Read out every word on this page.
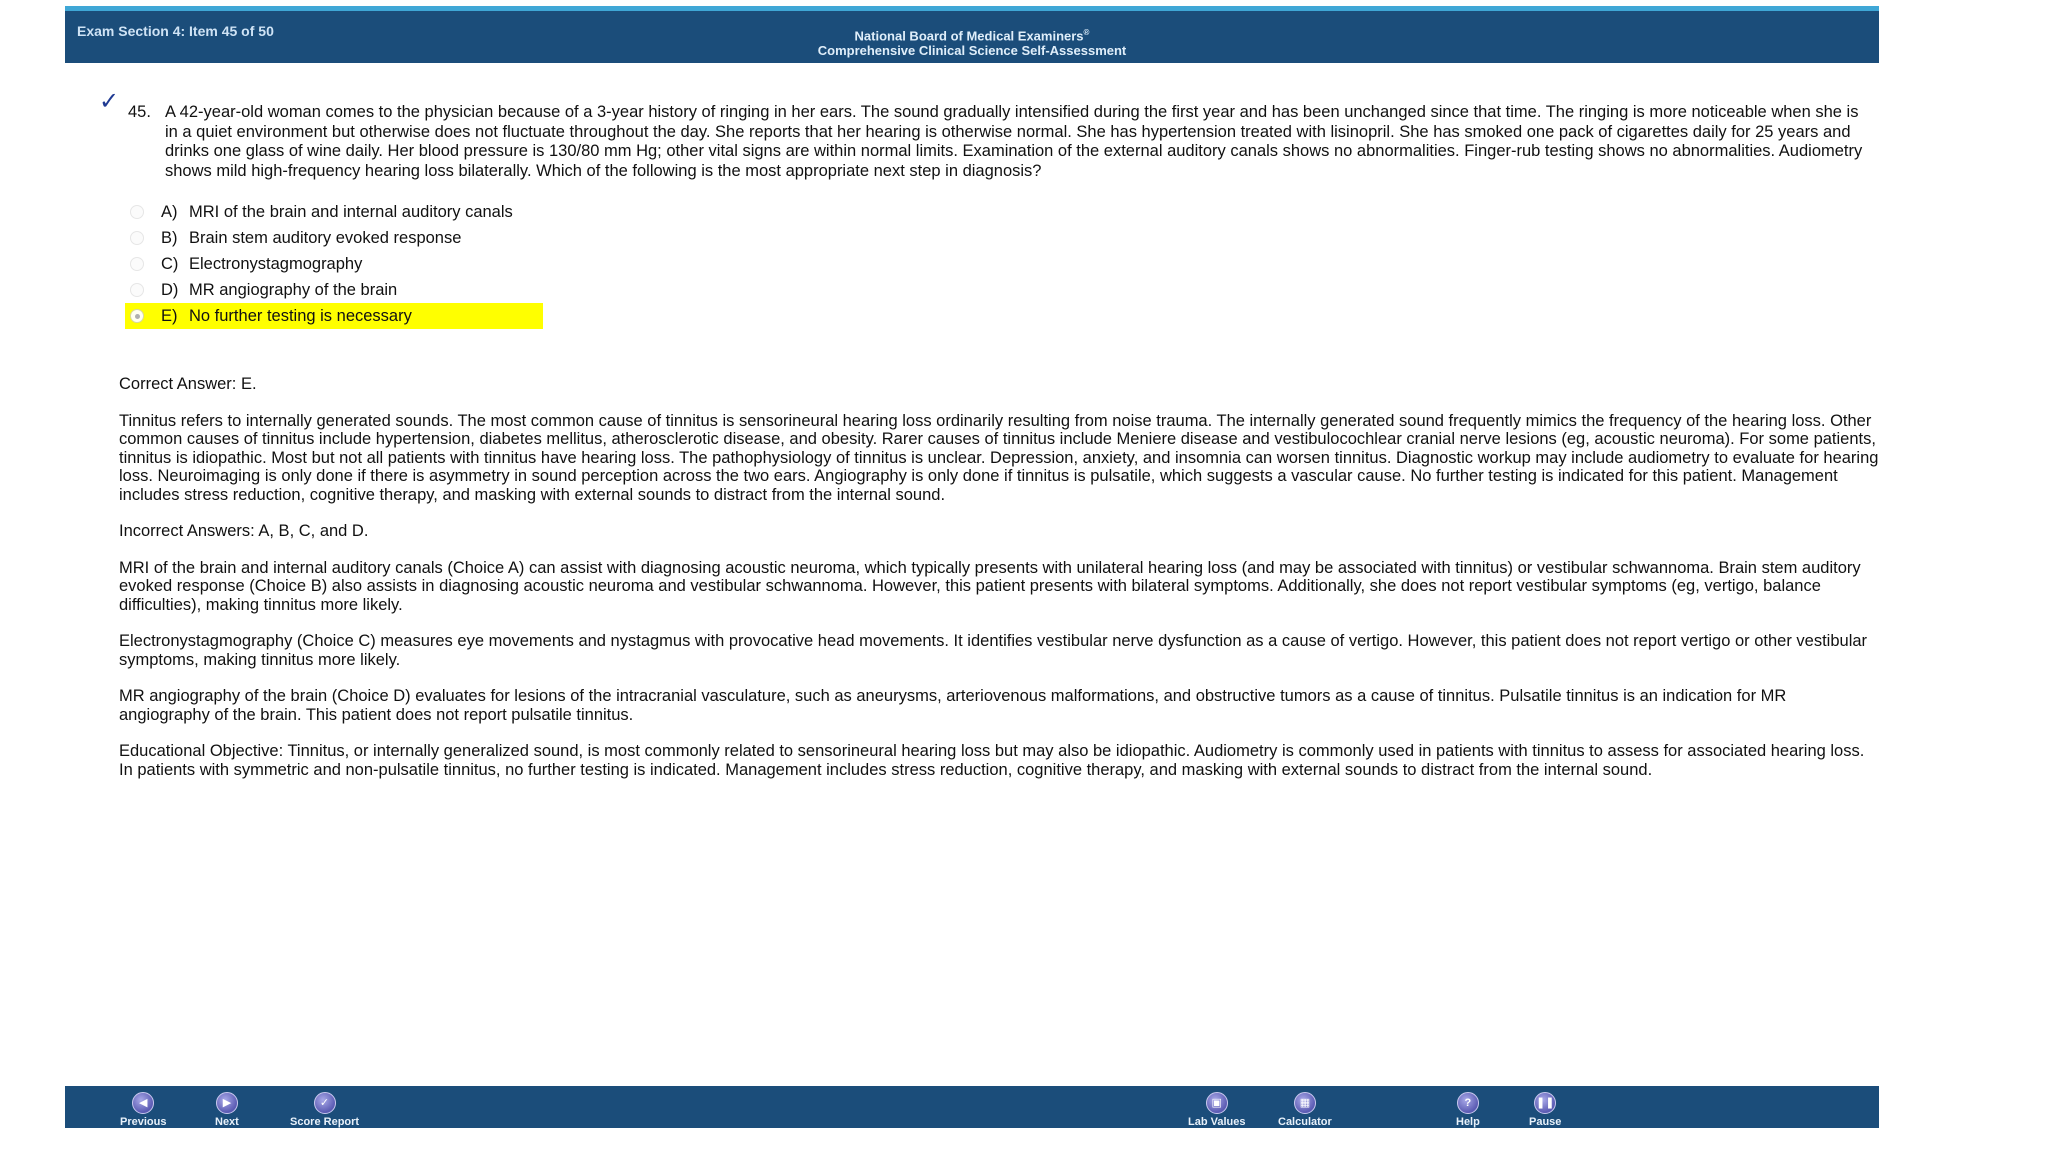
Exam Section 4: Item 45 of 50	National Board of Medical Examiners®
Comprehensive Clinical Science Self-Assessment
✓ 45. A 42-year-old woman comes to the physician because of a 3-year history of ringing in her ears. The sound gradually intensified during the first year and has been unchanged since that time. The ringing is more noticeable when she is in a quiet environment but otherwise does not fluctuate throughout the day. She reports that her hearing is otherwise normal. She has hypertension treated with lisinopril. She has smoked one pack of cigarettes daily for 25 years and drinks one glass of wine daily. Her blood pressure is 130/80 mm Hg; other vital signs are within normal limits. Examination of the external auditory canals shows no abnormalities. Finger-rub testing shows no abnormalities. Audiometry shows mild high-frequency hearing loss bilaterally. Which of the following is the most appropriate next step in diagnosis?
A) MRI of the brain and internal auditory canals
B) Brain stem auditory evoked response
C) Electronystagmography
D) MR angiography of the brain
E) No further testing is necessary

Correct Answer: E.

Tinnitus refers to internally generated sounds. The most common cause of tinnitus is sensorineural hearing loss ordinarily resulting from noise trauma. The internally generated sound frequently mimics the frequency of the hearing loss. Other common causes of tinnitus include hypertension, diabetes mellitus, atherosclerotic disease, and obesity. Rarer causes of tinnitus include Meniere disease and vestibulocochlear cranial nerve lesions (eg, acoustic neuroma). For some patients, tinnitus is idiopathic. Most but not all patients with tinnitus have hearing loss. The pathophysiology of tinnitus is unclear. Depression, anxiety, and insomnia can worsen tinnitus. Diagnostic workup may include audiometry to evaluate for hearing loss. Neuroimaging is only done if there is asymmetry in sound perception across the two ears. Angiography is only done if tinnitus is pulsatile, which suggests a vascular cause. No further testing is indicated for this patient. Management includes stress reduction, cognitive therapy, and masking with external sounds to distract from the internal sound.

Incorrect Answers: A, B, C, and D.

MRI of the brain and internal auditory canals (Choice A) can assist with diagnosing acoustic neuroma, which typically presents with unilateral hearing loss (and may be associated with tinnitus) or vestibular schwannoma. Brain stem auditory evoked response (Choice B) also assists in diagnosing acoustic neuroma and vestibular schwannoma. However, this patient presents with bilateral symptoms. Additionally, she does not report vestibular symptoms (eg, vertigo, balance difficulties), making tinnitus more likely.

Electronystagmography (Choice C) measures eye movements and nystagmus with provocative head movements. It identifies vestibular nerve dysfunction as a cause of vertigo. However, this patient does not report vertigo or other vestibular symptoms, making tinnitus more likely.

MR angiography of the brain (Choice D) evaluates for lesions of the intracranial vasculature, such as aneurysms, arteriovenous malformations, and obstructive tumors as a cause of tinnitus. Pulsatile tinnitus is an indication for MR angiography of the brain. This patient does not report pulsatile tinnitus.

Educational Objective: Tinnitus, or internally generalized sound, is most commonly related to sensorineural hearing loss but may also be idiopathic. Audiometry is commonly used in patients with tinnitus to assess for associated hearing loss. In patients with symmetric and non-pulsatile tinnitus, no further testing is indicated. Management includes stress reduction, cognitive therapy, and masking with external sounds to distract from the internal sound.

◀
Previous
▶
Next
✓
Score Report
▣
Lab Values
▦
Calculator
?
Help
❚❚
Pause
